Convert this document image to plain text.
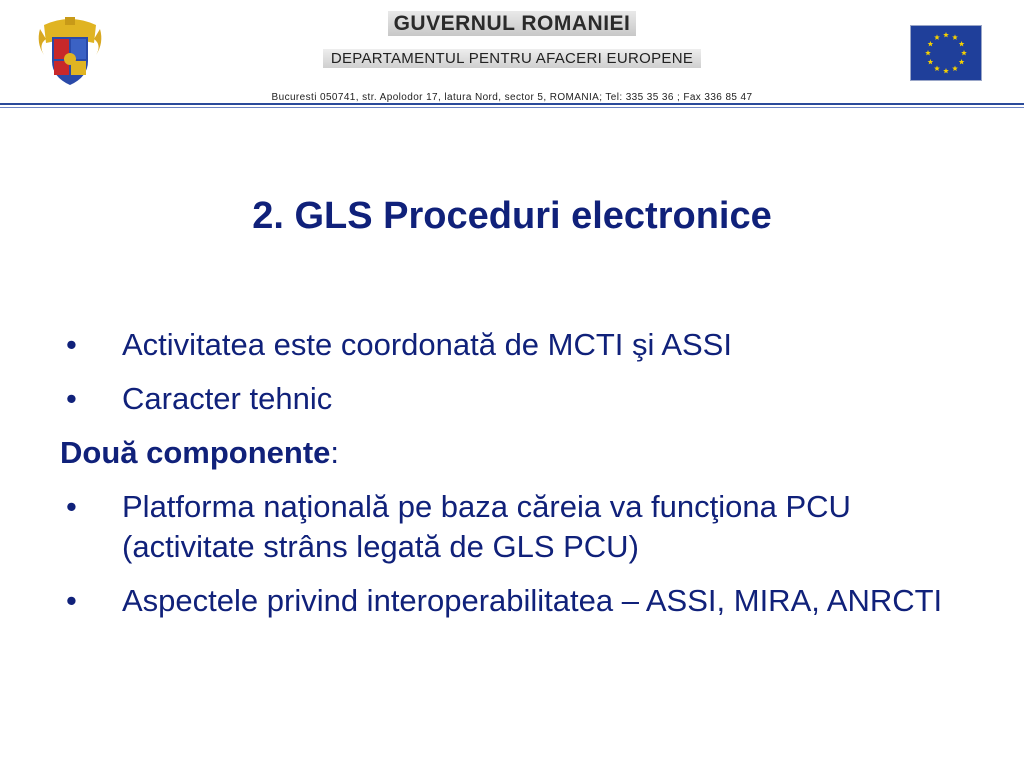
GUVERNUL ROMANIEI
DEPARTAMENTUL PENTRU AFACERI EUROPENE
Bucuresti 050741, str. Apolodor 17, latura Nord, sector 5, ROMANIA; Tel: 335 35 36 ; Fax 336 85 47
2. GLS Proceduri electronice
• Activitatea este coordonată de MCTI şi ASSI
• Caracter tehnic
Două componente:
• Platforma naţională pe baza căreia va funcţiona PCU (activitate strâns legată de GLS PCU)
• Aspectele privind interoperabilitatea – ASSI, MIRA, ANRCTI
